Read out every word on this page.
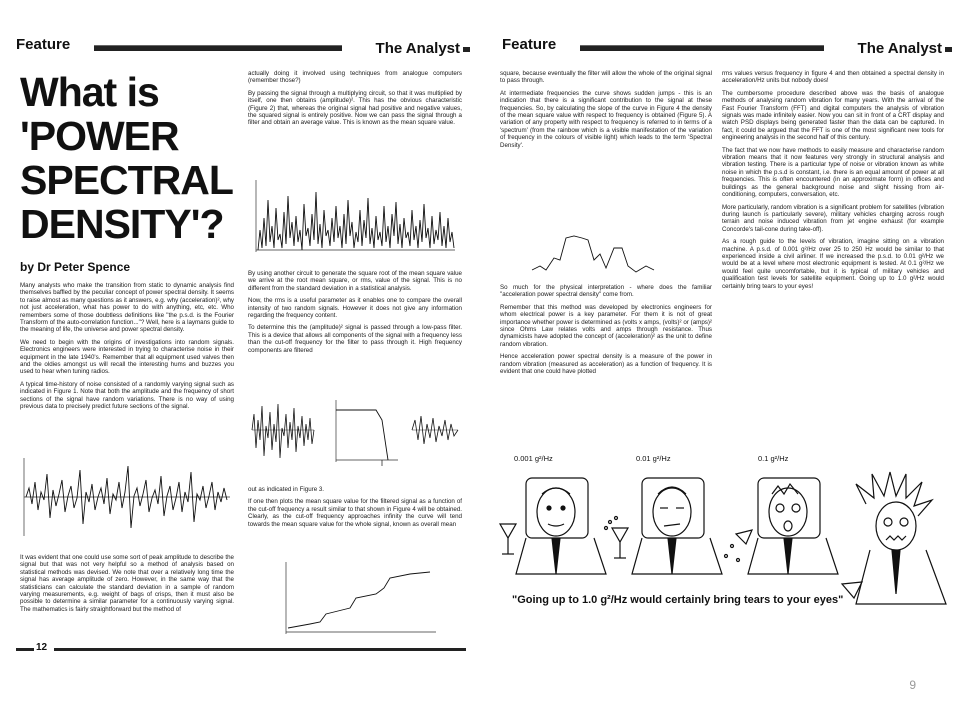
Feature	The Analyst
What is 'POWER SPECTRAL DENSITY'?
by Dr Peter Spence

Many analysts who make the transition from static to dynamic analysis find themselves baffled by the peculiar concept of power spectral density. It seems to raise almost as many questions as it answers, e.g. why (acceleration)², why not just acceleration, what has power to do with anything, etc, etc. Who remembers some of those doubtless definitions like "the p.s.d. is the Fourier Transform of the auto-correlation function..."? Well, here is a laymans guide to the meaning of life, the universe and power spectral density.

We need to begin with the origins of investigations into random signals. Electronics engineers were interested in trying to characterise noise in their equipment in the late 1940's. Remember that all equipment used valves then and the oldies amongst us will recall the interesting hums and buzzes you used to hear when tuning radios.

A typical time-history of noise consisted of a randomly varying signal such as indicated in Figure 1. Note that both the amplitude and the frequency of short sections of the signal have random variations. There is no way of using previous data to precisely predict future sections of the signal.

It was evident that one could use some sort of peak amplitude to describe the signal but that was not very helpful so a method of analysis based on statistical methods was devised. We note that over a relatively long time the signal has average amplitude of zero. However, in the same way that the statisticians can calculate the standard deviation in a sample of random varying measurements, e.g. weight of bags of crisps, then it must also be possible to determine a similar parameter for a continuously varying signal. The mathematics is fairly straightforward but the method of

actually doing it involved using techniques from analogue computers (remember those?)

By passing the signal through a multiplying circuit, so that it was multiplied by itself, one then obtains (amplitude)². This has the obvious characteristic (Figure 2) that, whereas the original signal had positive and negative values, the squared signal is entirely positive. Now we can pass the signal through a filter and obtain an average value. This is known as the mean square value.

By using another circuit to generate the square root of the mean square value we arrive at the root mean square, or rms, value of the signal. This is no different from the standard deviation in a statistical analysis.

Now, the rms is a useful parameter as it enables one to compare the overall intensity of two random signals. However it does not give any information regarding the frequency content.

To determine this the (amplitude)² signal is passed through a low-pass filter. This is a device that allows all components of the signal with a frequency less than the cut-off frequency for the filter to pass through it. High frequency components are filtered

out as indicated in Figure 3.

If one then plots the mean square value for the filtered signal as a function of the cut-off frequency a result similar to that shown in Figure 4 will be obtained. Clearly, as the cut-off frequency approaches infinity the curve will tend towards the mean square value for the whole signal, known as overall mean

12
Feature	The Analyst

square, because eventually the filter will allow the whole of the original signal to pass through.

At intermediate frequencies the curve shows sudden jumps - this is an indication that there is a significant contribution to the signal at these frequencies. So, by calculating the slope of the curve in Figure 4 the density of the mean square value with respect to frequency is obtained (Figure 5). A variation of any property with respect to frequency is referred to in terms of a 'spectrum' (from the rainbow which is a visible manifestation of the variation of frequency in the colours of visible light) which leads to the term 'Spectral Density'.

So much for the physical interpretation - where does the familiar "acceleration power spectral density" come from.

Remember that this method was developed by electronics engineers for whom electrical power is a key parameter. For them it is not of great importance whether power is determined as (volts x amps, (volts)² or (amps)² since Ohms Law relates volts and amps through resistance. Thus dynamicists have adopted the concept of (acceleration)² as the unit to define random vibration.

Hence acceleration power spectral density is a measure of the power in random vibration (measured as acceleration) as a function of frequency. It is evident that one could have plotted

rms values versus frequency in figure 4 and then obtained a spectral density in acceleration/Hz units but nobody does!

The cumbersome procedure described above was the basis of analogue methods of analysing random vibration for many years. With the arrival of the Fast Fourier Transform (FFT) and digital computers the analysis of vibration signals was made infinitely easier. Now you can sit in front of a CRT display and watch PSD displays being generated faster than the data can be captured. In fact, it could be argued that the FFT is one of the most significant new tools for engineering analysis in the second half of this century.

The fact that we now have methods to easily measure and characterise random vibration means that it now features very strongly in structural analysis and vibration testing. There is a particular type of noise or vibration known as white noise in which the p.s.d is constant, i.e. there is an equal amount of power at all frequencies. This is often encountered (in an approximate form) in offices and buildings as the general background noise and slight hissing from air-conditioning, computers, conversation, etc.

More particularly, random vibration is a significant problem for satellites (vibration during launch is particularly severe), military vehicles charging across rough terrain and noise induced vibration from jet engine exhaust (for example Concorde's tail-cone during take-off).

As a rough guide to the levels of vibration, imagine sitting on a vibration machine. A p.s.d. of 0.001 g²/Hz over 25 to 250 Hz would be similar to that experienced inside a civil airliner. If we increased the p.s.d. to 0.01 g²/Hz we would be at a level where most electronic equipment is tested. At 0.1 g²/Hz we would feel quite uncomfortable, but it is typical of military vehicles and qualification test levels for satellite equipment. Going up to 1.0 g²/Hz would certainly bring tears to your eyes!

0.001 g²/Hz	0.01 g²/Hz	0.1 g²/Hz
"Going up to 1.0 g²/Hz would certainly bring tears to your eyes"
9
